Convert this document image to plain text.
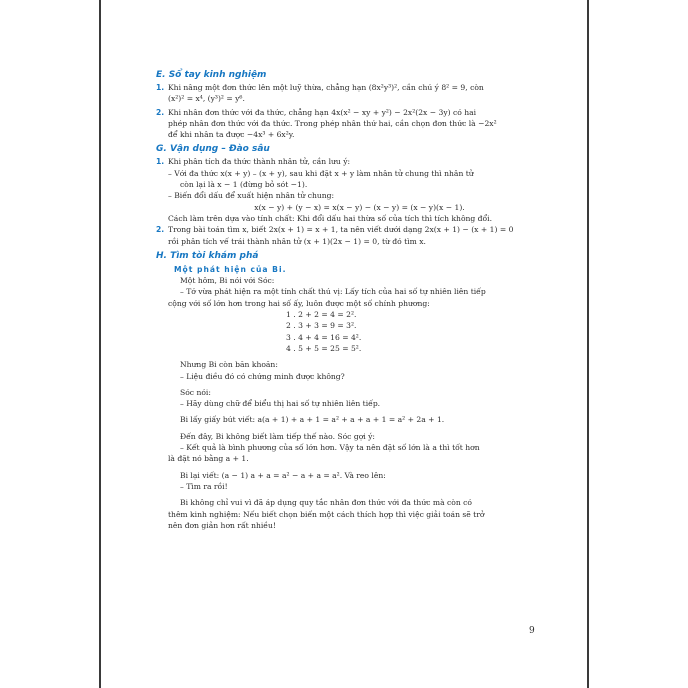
E. Sổ tay kinh nghiệm
1. Khi nâng một đơn thức lên một luỹ thừa, chẳng hạn (8x²y³)², cần chú ý 8² = 9, còn
(x²)² = x⁴, (y³)² = y⁶.
2. Khi nhân đơn thức với đa thức, chẳng hạn 4x(x² − xy + y²) − 2x²(2x − 3y) có hai
phép nhân đơn thức với đa thức. Trong phép nhân thứ hai, cần chọn đơn thức là −2x²
để khi nhân ta được −4x³ + 6x²y.
G. Vận dụng – Đào sâu
1. Khi phân tích đa thức thành nhân tử, cần lưu ý:
– Với đa thức x(x + y) – (x + y), sau khi đặt x + y làm nhân tử chung thì nhân tử
còn lại là x − 1 (đừng bỏ sót −1).
– Biến đổi dấu để xuất hiện nhân tử chung:
x(x − y) + (y − x) = x(x − y) − (x − y) = (x − y)(x − 1).
Cách làm trên dựa vào tính chất: Khi đổi dấu hai thừa số của tích thì tích không đổi.
2. Trong bài toán tìm x, biết 2x(x + 1) = x + 1, ta nên viết dưới dạng 2x(x + 1) − (x + 1) = 0
rồi phân tích vế trái thành nhân tử (x + 1)(2x − 1) = 0, từ đó tìm x.
H. Tìm tòi khám phá
Một phát hiện của Bi.
Một hôm, Bi nói với Sóc:
– Tớ vừa phát hiện ra một tính chất thú vị: Lấy tích của hai số tự nhiên liên tiếp
cộng với số lớn hơn trong hai số ấy, luôn được một số chính phương:
1 . 2 + 2 = 4 = 2².
2 . 3 + 3 = 9 = 3².
3 . 4 + 4 = 16 = 4².
4 . 5 + 5 = 25 = 5².
Nhưng Bi còn băn khoăn:
– Liệu điều đó có chứng minh được không?
Sóc nói:
– Hãy dùng chữ để biểu thị hai số tự nhiên liên tiếp.
Bi lấy giấy bút viết: a(a + 1) + a + 1 = a² + a + a + 1 = a² + 2a + 1.
Đến đây, Bi không biết làm tiếp thế nào. Sóc gợi ý:
– Kết quả là bình phương của số lớn hơn. Vậy ta nên đặt số lớn là a thì tốt hơn
là đặt nó bằng a + 1.
Bi lại viết: (a − 1) a + a = a² − a + a = a². Và reo lên:
– Tìm ra rồi!
Bi không chỉ vui vì đã áp dụng quy tắc nhân đơn thức với đa thức mà còn có
thêm kinh nghiệm: Nếu biết chọn biến một cách thích hợp thì việc giải toán sẽ trở
nên đơn giản hơn rất nhiều!
9
